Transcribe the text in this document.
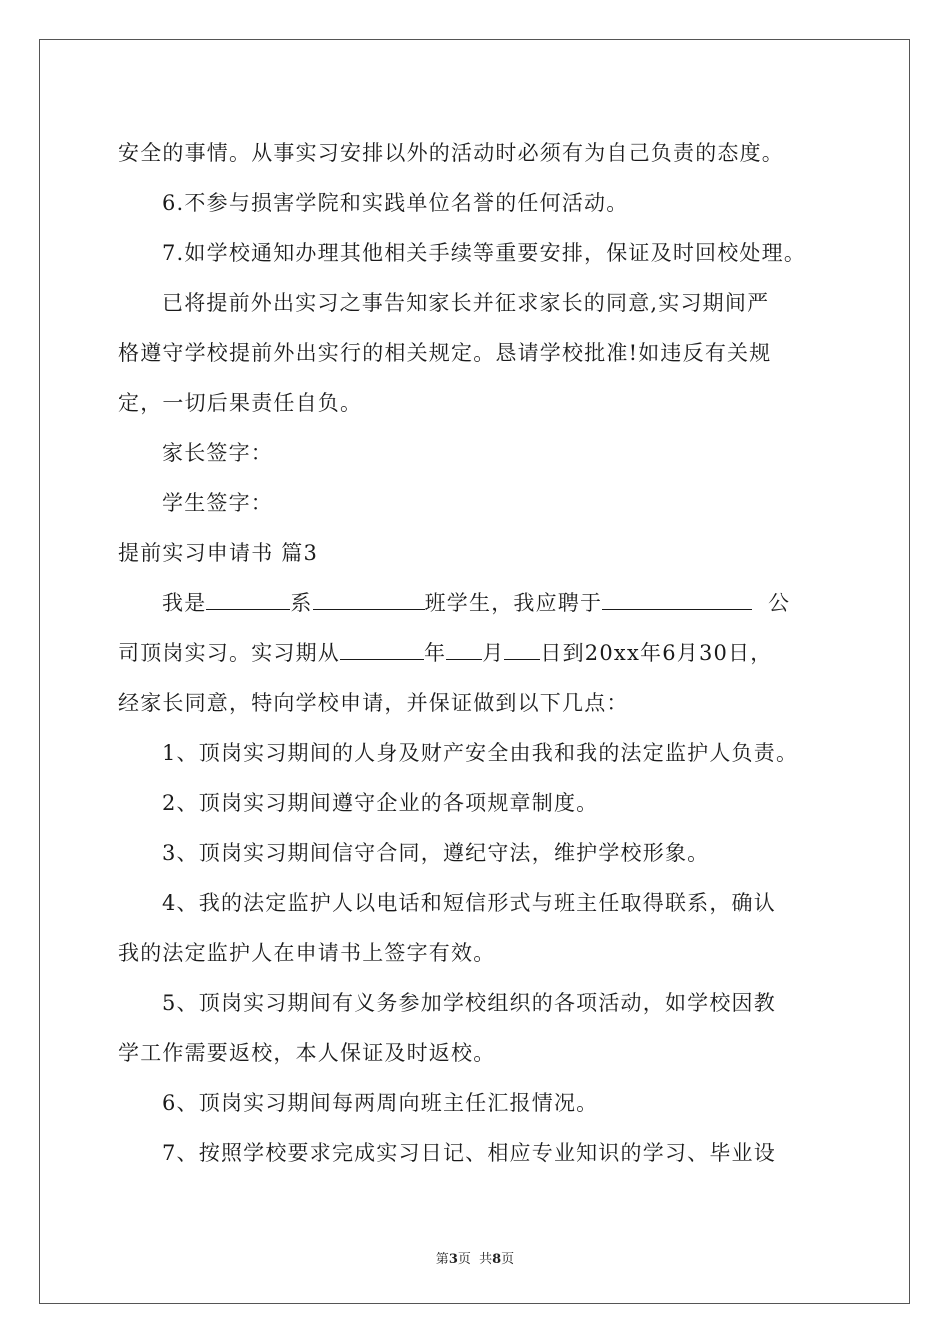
安全的事情。从事实习安排以外的活动时必须有为自己负责的态度。
6.不参与损害学院和实践单位名誉的任何活动。
7.如学校通知办理其他相关手续等重要安排，保证及时回校处理。
已将提前外出实习之事告知家长并征求家长的同意,实习期间严
格遵守学校提前外出实行的相关规定。恳请学校批准!如违反有关规
定，一切后果责任自负。
家长签字：
学生签字：
提前实习申请书 篇3
我是	系	班学生，我应聘于	公
司顶岗实习。实习期从	年 月 日到20xx年6月30日，
经家长同意，特向学校申请，并保证做到以下几点：
1、顶岗实习期间的人身及财产安全由我和我的法定监护人负责。
2、顶岗实习期间遵守企业的各项规章制度。
3、顶岗实习期间信守合同，遵纪守法，维护学校形象。
4、我的法定监护人以电话和短信形式与班主任取得联系，确认
我的法定监护人在申请书上签字有效。
5、顶岗实习期间有义务参加学校组织的各项活动，如学校因教
学工作需要返校，本人保证及时返校。
6、顶岗实习期间每两周向班主任汇报情况。
7、按照学校要求完成实习日记、相应专业知识的学习、毕业设
第3页  共8页
